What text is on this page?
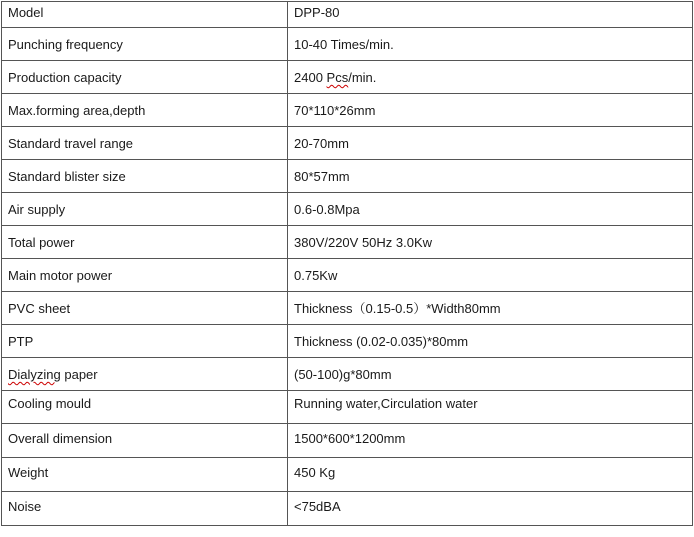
Model	DPP-80
Punching frequency	10-40 Times/min.
Production capacity	2400 Pcs/min.
Max.forming area,depth	70*110*26mm
Standard travel range	20-70mm
Standard blister size	80*57mm
Air supply	0.6-0.8Mpa
Total power	380V/220V 50Hz 3.0Kw
Main motor power	0.75Kw
PVC sheet	Thickness（0.15-0.5）*Width80mm
PTP	Thickness (0.02-0.035)*80mm
Dialyzing paper	(50-100)g*80mm
Cooling mould	Running water,Circulation water
Overall dimension	1500*600*1200mm
Weight	450 Kg
Noise	<75dBA
